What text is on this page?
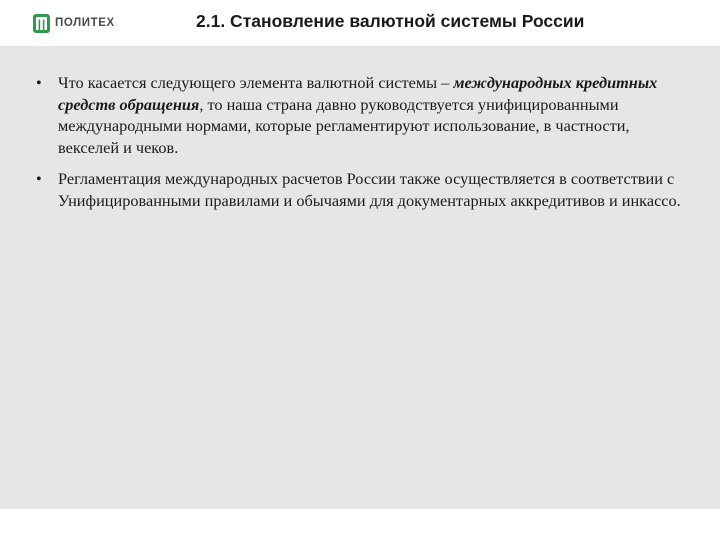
ПОЛИТЕХ	2.1. Становление валютной системы России
• Что касается следующего элемента валютной системы – международных кредитных средств обращения, то наша страна давно руководствуется унифицированными международными нормами, которые регламентируют использование, в частности, векселей и чеков.
• Регламентация международных расчетов России также осуществляется в соответствии с Унифицированными правилами и обычаями для документарных аккредитивов и инкассо.
